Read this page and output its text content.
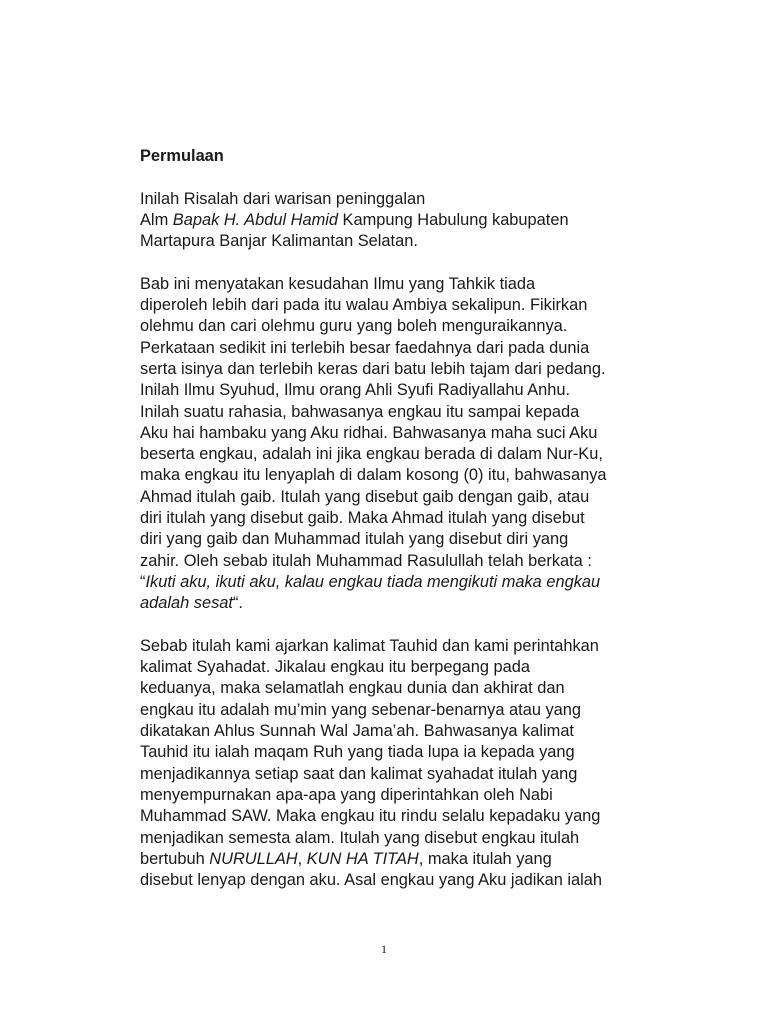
Permulaan
Inilah Risalah dari warisan peninggalan
Alm Bapak H. Abdul Hamid Kampung Habulung kabupaten
Martapura Banjar Kalimantan Selatan.
Bab ini menyatakan kesudahan Ilmu yang Tahkik tiada
diperoleh lebih dari pada itu walau Ambiya sekalipun. Fikirkan
olehmu dan cari olehmu guru yang boleh menguraikannya.
Perkataan sedikit ini terlebih besar faedahnya dari pada dunia
serta isinya dan terlebih keras dari batu lebih tajam dari pedang.
Inilah Ilmu Syuhud, Ilmu orang Ahli Syufi Radiyallahu Anhu.
Inilah suatu rahasia, bahwasanya engkau itu sampai kepada
Aku hai hambaku yang Aku ridhai. Bahwasanya maha suci Aku
beserta engkau, adalah ini jika engkau berada di dalam Nur-Ku,
maka engkau itu lenyaplah di dalam kosong (0) itu, bahwasanya
Ahmad itulah gaib. Itulah yang disebut gaib dengan gaib, atau
diri itulah yang disebut gaib. Maka Ahmad itulah yang disebut
diri yang gaib dan Muhammad itulah yang disebut diri yang
zahir. Oleh sebab itulah Muhammad Rasulullah telah berkata :
“Ikuti aku, ikuti aku, kalau engkau tiada mengikuti maka engkau
adalah sesat“.
Sebab itulah kami ajarkan kalimat Tauhid dan kami perintahkan
kalimat Syahadat. Jikalau engkau itu berpegang pada
keduanya, maka selamatlah engkau dunia dan akhirat dan
engkau itu adalah mu’min yang sebenar-benarnya atau yang
dikatakan Ahlus Sunnah Wal Jama’ah. Bahwasanya kalimat
Tauhid itu ialah maqam Ruh yang tiada lupa ia kepada yang
menjadikannya setiap saat dan kalimat syahadat itulah yang
menyempurnakan apa-apa yang diperintahkan oleh Nabi
Muhammad SAW. Maka engkau itu rindu selalu kepadaku yang
menjadikan semesta alam. Itulah yang disebut engkau itulah
bertubuh NURULLAH, KUN HA TITAH, maka itulah yang
disebut lenyap dengan aku. Asal engkau yang Aku jadikan ialah
1
